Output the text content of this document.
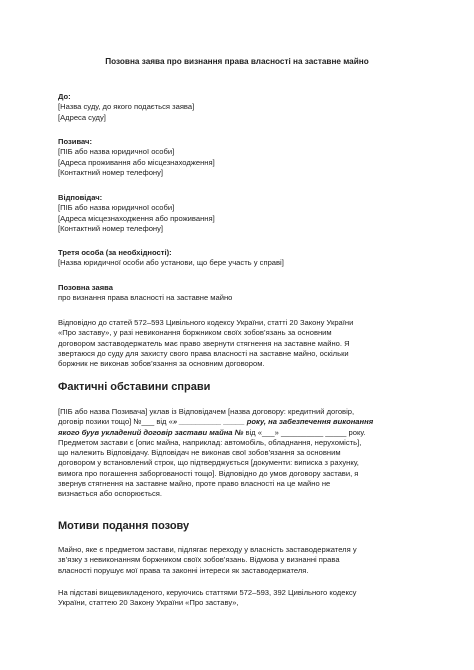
Позовна заява про визнання права власності на заставне майно
До:
[Назва суду, до якого подається заява]
[Адреса суду]
Позивач:
[ПІБ або назва юридичної особи]
[Адреса проживання або місцезнаходження]
[Контактний номер телефону]
Відповідач:
[ПІБ або назва юридичної особи]
[Адреса місцезнаходження або проживання]
[Контактний номер телефону]
Третя особа (за необхідності):
[Назва юридичної особи або установи, що бере участь у справі]
Позовна заява
про визнання права власності на заставне майно
Відповідно до статей 572–593 Цивільного кодексу України, статті 20 Закону України
«Про заставу», у разі невиконання боржником своїх зобов’язань за основним
договором заставодержатель має право звернути стягнення на заставне майно. Я
звертаюся до суду для захисту свого права власності на заставне майно, оскільки
боржник не виконав зобов’язання за основним договором.
Фактичні обставини справи
[ПІБ або назва Позивача] уклав із Відповідачем [назва договору: кредитний договір,
договір позики тощо] №___ від «» __________ _____ року, на забезпечення виконання
якого буув укладений договір застави майна № від «___» __________ _____ року.
Предметом застави є [опис майна, наприклад: автомобіль, обладнання, нерухомість],
що належить Відповідачу. Відповідач не виконав свої зобов’язання за основним
договором у встановлений строк, що підтверджується [документи: виписка з рахунку,
вимога про погашення заборгованості тощо]. Відповідно до умов договору застави, я
звернув стягнення на заставне майно, проте право власності на це майно не
визнається або оспорюється.
Мотиви подання позову
Майно, яке є предметом застави, підлягає переходу у власність заставодержателя у
зв’язку з невиконанням боржником своїх зобов’язань. Відмова у визнанні права
власності порушує мої права та законні інтереси як заставодержателя.
На підставі вищевикладеного, керуючись статтями 572–593, 392 Цивільного кодексу
України, статтею 20 Закону України «Про заставу»,
